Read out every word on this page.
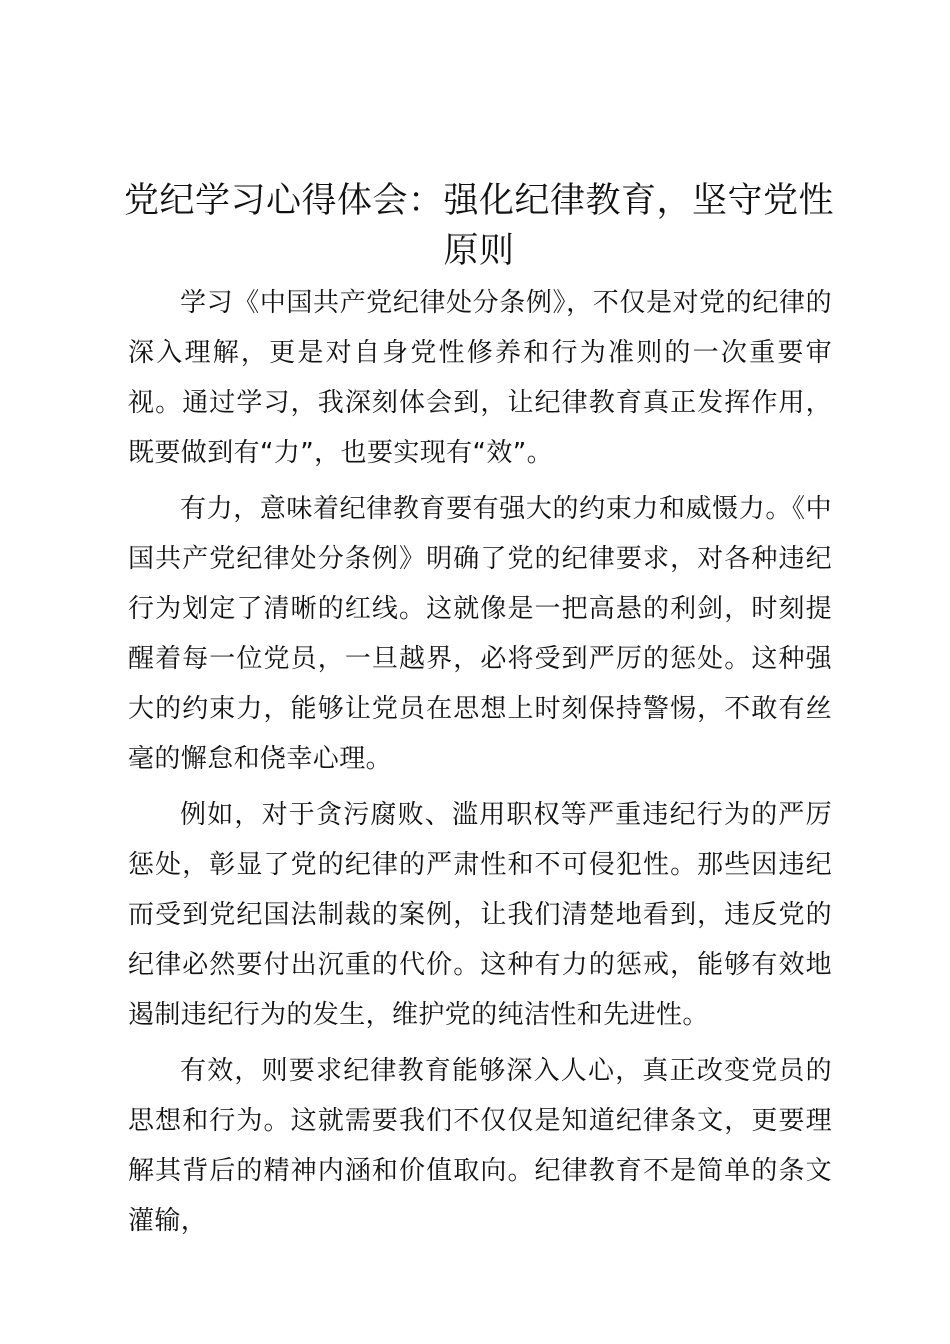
党纪学习心得体会：强化纪律教育，坚守党性原则

学习《中国共产党纪律处分条例》，不仅是对党的纪律的深入理解，更是对自身党性修养和行为准则的一次重要审视。通过学习，我深刻体会到，让纪律教育真正发挥作用，既要做到有“力”，也要实现有“效”。

有力，意味着纪律教育要有强大的约束力和威慑力。《中国共产党纪律处分条例》明确了党的纪律要求，对各种违纪行为划定了清晰的红线。这就像是一把高悬的利剑，时刻提醒着每一位党员，一旦越界，必将受到严厉的惩处。这种强大的约束力，能够让党员在思想上时刻保持警惕，不敢有丝毫的懈怠和侥幸心理。

例如，对于贪污腐败、滥用职权等严重违纪行为的严厉惩处，彰显了党的纪律的严肃性和不可侵犯性。那些因违纪而受到党纪国法制裁的案例，让我们清楚地看到，违反党的纪律必然要付出沉重的代价。这种有力的惩戒，能够有效地遏制违纪行为的发生，维护党的纯洁性和先进性。

有效，则要求纪律教育能够深入人心，真正改变党员的思想和行为。这就需要我们不仅仅是知道纪律条文，更要理解其背后的精神内涵和价值取向。纪律教育不是简单的条文灌输，
